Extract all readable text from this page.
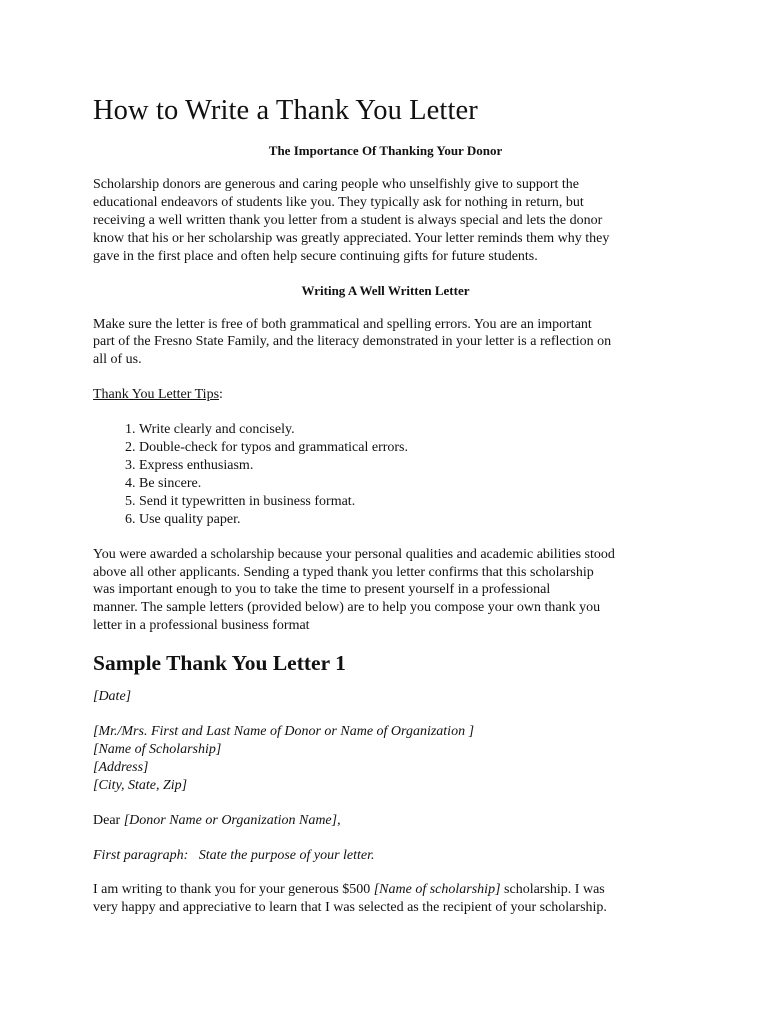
How to Write a Thank You Letter

The Importance Of Thanking Your Donor

Scholarship donors are generous and caring people who unselfishly give to support the
educational endeavors of students like you. They typically ask for nothing in return, but
receiving a well written thank you letter from a student is always special and lets the donor
know that his or her scholarship was greatly appreciated. Your letter reminds them why they
gave in the first place and often help secure continuing gifts for future students.

Writing A Well Written Letter

Make sure the letter is free of both grammatical and spelling errors. You are an important
part of the Fresno State Family, and the literacy demonstrated in your letter is a reflection on
all of us.

Thank You Letter Tips:

1. Write clearly and concisely.
2. Double-check for typos and grammatical errors.
3. Express enthusiasm.
4. Be sincere.
5. Send it typewritten in business format.
6. Use quality paper.

You were awarded a scholarship because your personal qualities and academic abilities stood
above all other applicants. Sending a typed thank you letter confirms that this scholarship
was important enough to you to take the time to present yourself in a professional
manner. The sample letters (provided below) are to help you compose your own thank you
letter in a professional business format

Sample Thank You Letter 1

[Date]

[Mr./Mrs. First and Last Name of Donor or Name of Organization ]
[Name of Scholarship]
[Address]
[City, State, Zip]

Dear [Donor Name or Organization Name],

First paragraph:   State the purpose of your letter.

I am writing to thank you for your generous $500 [Name of scholarship] scholarship. I was
very happy and appreciative to learn that I was selected as the recipient of your scholarship.
